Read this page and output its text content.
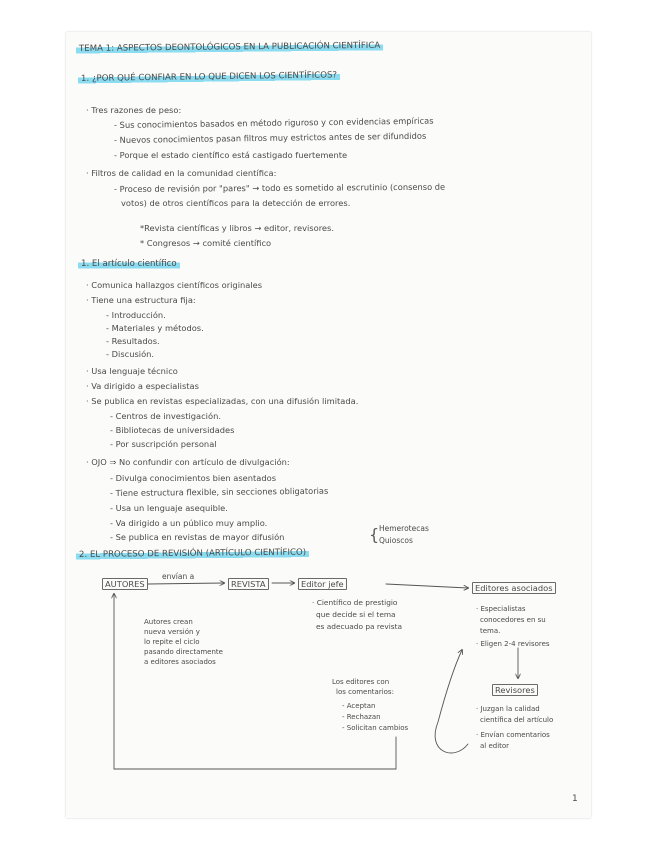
TEMA 1: ASPECTOS DEONTOLÓGICOS EN LA PUBLICACIÓN CIENTÍFICA
1. ¿POR QUÉ CONFIAR EN LO QUE DICEN LOS CIENTÍFICOS?
· Tres razones de peso:
- Sus conocimientos basados en método riguroso y con evidencias empíricas
- Nuevos conocimientos pasan filtros muy estrictos antes de ser difundidos
- Porque el estado científico está castigado fuertemente
· Filtros de calidad en la comunidad científica:
- Proceso de revisión por "pares" → todo es sometido al escrutinio (consenso de
votos) de otros científicos para la detección de errores.
*Revista científicas y libros → editor, revisores.
* Congresos → comité científico
1. El artículo científico
· Comunica hallazgos científicos originales
· Tiene una estructura fija:
- Introducción.
- Materiales y métodos.
- Resultados.
- Discusión.
· Usa lenguaje técnico
· Va dirigido a especialistas
· Se publica en revistas especializadas, con una difusión limitada.
- Centros de investigación.
- Bibliotecas de universidades
- Por suscripción personal
· OJO ⇒ No confundir con artículo de divulgación:
- Divulga conocimientos bien asentados
- Tiene estructura flexible, sin secciones obligatorias
- Usa un lenguaje asequible.
- Va dirigido a un público muy amplio.
- Se publica en revistas de mayor difusión	{ Hemerotecas
Quioscos
2. EL PROCESO DE REVISIÓN (ARTÍCULO CIENTÍFICO)
AUTORES
envían a
REVISTA	Editor jefe	Editores asociados
Revisores
Autores crean
nueva versión y
lo repite el ciclo
pasando directamente
a editores asociados
· Científico de prestigio
que decide si el tema
es adecuado pa revista
· Especialistas
conocedores en su
tema.
· Eligen 2-4 revisores
Los editores con
los comentarios:
- Aceptan
- Rechazan
- Solicitan cambios
· Juzgan la calidad
científica del artículo
· Envían comentarios
al editor
1
